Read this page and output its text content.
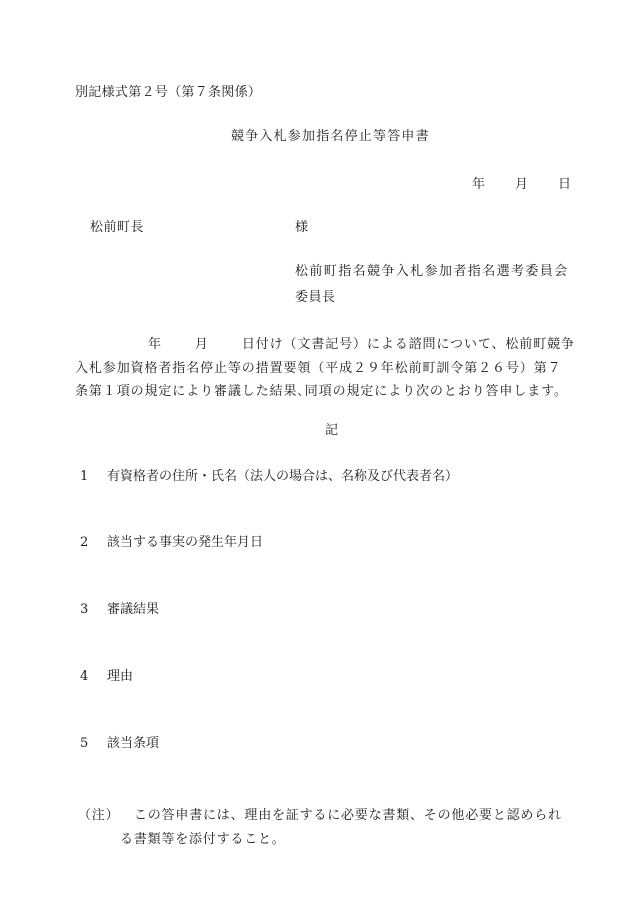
別記様式第２号（第７条関係）
競争入札参加指名停止等答申書
年 月 日
松前町長	様
松前町指名競争入札参加者指名選考委員会
委員長
年	月	日付け（文書記号）による諮問について、松前町競争
入札参加資格者指名停止等の措置要領（平成２９年松前町訓令第２６号）第７
条第１項の規定により審議した結果､同項の規定により次のとおり答申します。
記
1 有資格者の住所・氏名（法人の場合は、名称及び代表者名）
2 該当する事実の発生年月日
3 審議結果
4 理由
5 該当条項
（注） この答申書には、理由を証するに必要な書類、その他必要と認められ
る書類等を添付すること。
